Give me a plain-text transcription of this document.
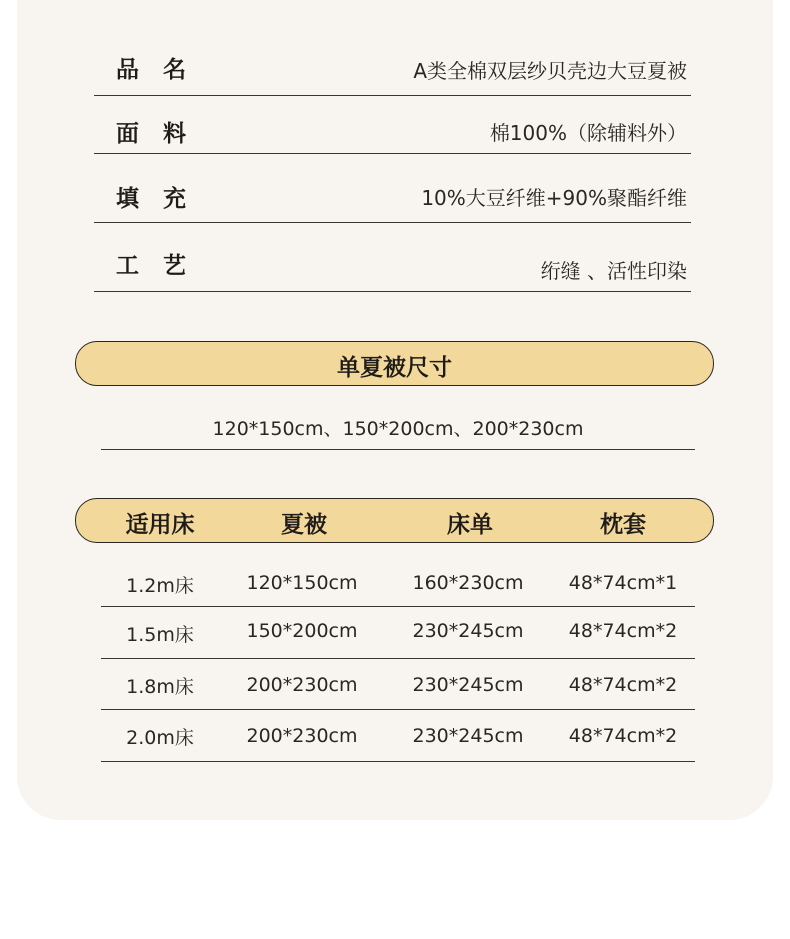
品名	A类全棉双层纱贝壳边大豆夏被
面料	棉100%（除辅料外）
填充	10%大豆纤维+90%聚酯纤维
工艺	绗缝 、活性印染
单夏被尺寸
120*150cm、150*200cm、200*230cm
适用床	夏被	床单	枕套
1.2m床	120*150cm	160*230cm	48*74cm*1
1.5m床	150*200cm	230*245cm	48*74cm*2
1.8m床	200*230cm	230*245cm	48*74cm*2
2.0m床	200*230cm	230*245cm	48*74cm*2
